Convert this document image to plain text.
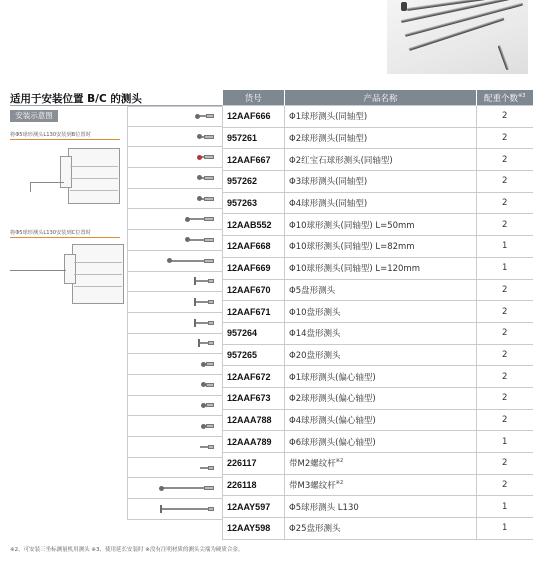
适用于安装位置 B/C 的测头
安装示意图
将Φ5球形测头L130安装到B位置时
将Φ5球形测头L130安装到C位置时
货号	产品名称	配重个数$^{※3}$
12AAF666	Φ1球形测头(同轴型)	2
957261	Φ2球形测头(同轴型)	2
12AAF667	Φ2红宝石球形测头(同轴型)	2
957262	Φ3球形测头(同轴型)	2
957263	Φ4球形测头(同轴型)	2
12AAB552	Φ10球形测头(同轴型) L=50mm	2
12AAF668	Φ10球形测头(同轴型) L=82mm	1
12AAF669	Φ10球形测头(同轴型) L=120mm	1
12AAF670	Φ5盘形测头	2
12AAF671	Φ10盘形测头	2
957264	Φ14盘形测头	2
957265	Φ20盘形测头	2
12AAF672	Φ1球形测头(偏心轴型)	2
12AAF673	Φ2球形测头(偏心轴型)	2
12AAA788	Φ4球形测头(偏心轴型)	2
12AAA789	Φ6球形测头(偏心轴型)	1
226117	带M2螺纹杆$^{※2}$	2
226118	带M3螺纹杆$^{※2}$	2
12AAY597	Φ5球形测头 L130	1
12AAY598	Φ25盘形测头	1
※2、可安装三坐标测量机用测头 ※3、使用延长安装时 ※没有注明材质的测头尖端为硬质合金。
